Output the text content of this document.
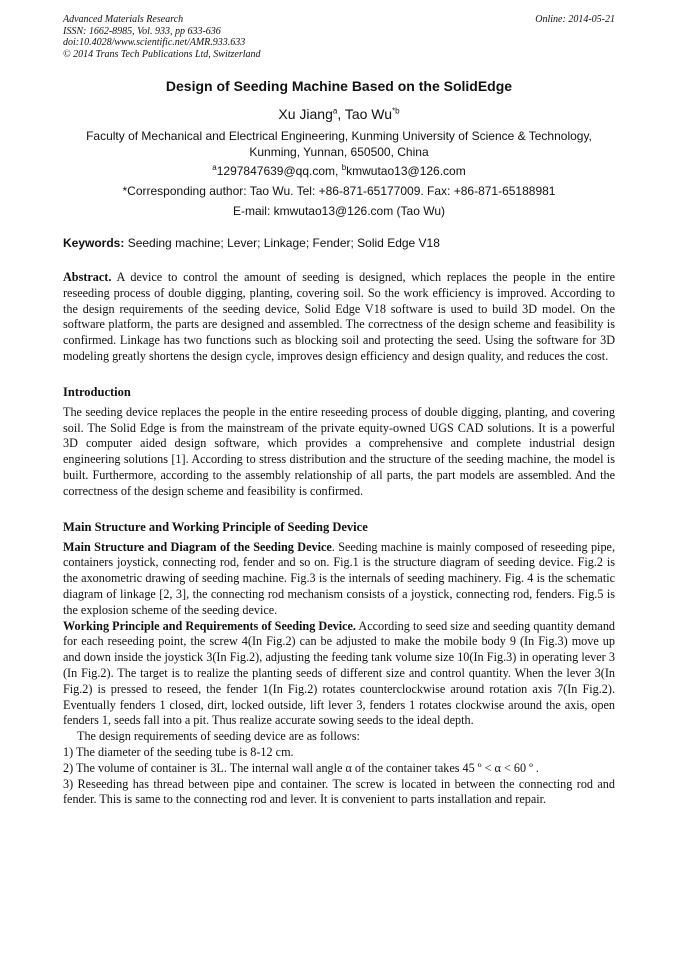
Advanced Materials Research
ISSN: 1662-8985, Vol. 933, pp 633-636
doi:10.4028/www.scientific.net/AMR.933.633
© 2014 Trans Tech Publications Ltd, Switzerland
Online: 2014-05-21
Design of Seeding Machine Based on the SolidEdge
Xu Jiang$^a$, Tao Wu$^{*b}$
Faculty of Mechanical and Electrical Engineering, Kunming University of Science & Technology,
Kunming, Yunnan, 650500, China
$^a$1297847639@qq.com, $^b$kmwutao13@126.com
*Corresponding author: Tao Wu. Tel: +86-871-65177009. Fax: +86-871-65188981
E-mail: kmwutao13@126.com (Tao Wu)
Keywords: Seeding machine; Lever; Linkage; Fender; Solid Edge V18

Abstract. A device to control the amount of seeding is designed, which replaces the people in the entire reseeding process of double digging, planting, covering soil. So the work efficiency is improved. According to the design requirements of the seeding device, Solid Edge V18 software is used to build 3D model. On the software platform, the parts are designed and assembled. The correctness of the design scheme and feasibility is confirmed. Linkage has two functions such as blocking soil and protecting the seed. Using the software for 3D modeling greatly shortens the design cycle, improves design efficiency and design quality, and reduces the cost.

Introduction

The seeding device replaces the people in the entire reseeding process of double digging, planting, and covering soil. The Solid Edge is from the mainstream of the private equity-owned UGS CAD solutions. It is a powerful 3D computer aided design software, which provides a comprehensive and complete industrial design engineering solutions [1]. According to stress distribution and the structure of the seeding machine, the model is built. Furthermore, according to the assembly relationship of all parts, the part models are assembled. And the correctness of the design scheme and feasibility is confirmed.

Main Structure and Working Principle of Seeding Device

Main Structure and Diagram of the Seeding Device. Seeding machine is mainly composed of reseeding pipe, containers joystick, connecting rod, fender and so on. Fig.1 is the structure diagram of seeding device. Fig.2 is the axonometric drawing of seeding machine. Fig.3 is the internals of seeding machinery. Fig. 4 is the schematic diagram of linkage [2, 3], the connecting rod mechanism consists of a joystick, connecting rod, fenders. Fig.5 is the explosion scheme of the seeding device.

Working Principle and Requirements of Seeding Device. According to seed size and seeding quantity demand for each reseeding point, the screw 4(In Fig.2) can be adjusted to make the mobile body 9 (In Fig.3) move up and down inside the joystick 3(In Fig.2), adjusting the feeding tank volume size 10(In Fig.3) in operating lever 3 (In Fig.2). The target is to realize the planting seeds of different size and control quantity. When the lever 3(In Fig.2) is pressed to reseed, the fender 1(In Fig.2) rotates counterclockwise around rotation axis 7(In Fig.2). Eventually fenders 1 closed, dirt, locked outside, lift lever 3, fenders 1 rotates clockwise around the axis, open fenders 1, seeds fall into a pit. Thus realize accurate sowing seeds to the ideal depth.

The design requirements of seeding device are as follows:

1) The diameter of the seeding tube is 8-12 cm.

2) The volume of container is 3L. The internal wall angle α of the container takes 45 º < α < 60 º .

3) Reseeding has thread between pipe and container. The screw is located in between the connecting rod and fender. This is same to the connecting rod and lever. It is convenient to parts installation and repair.
